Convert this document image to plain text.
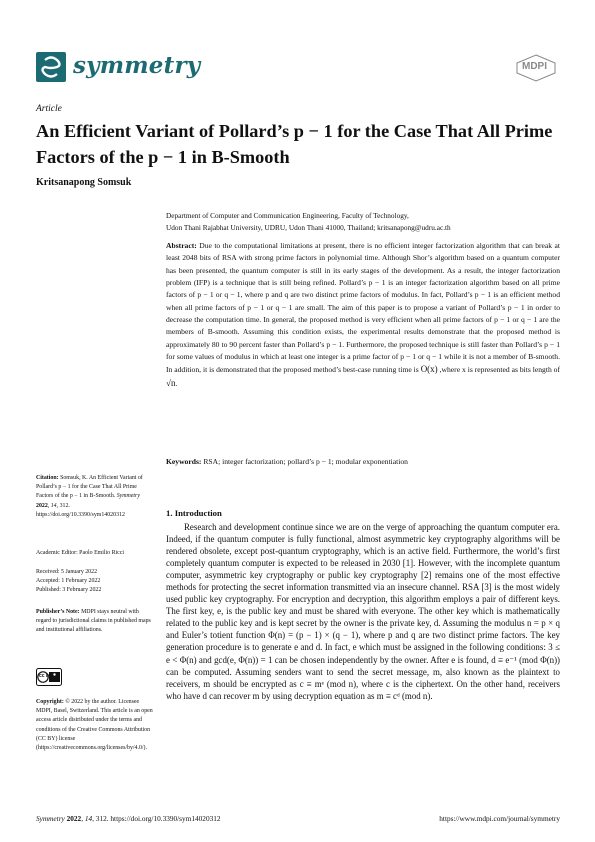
symmetry	MDPI
Article
An Efficient Variant of Pollard’s p − 1 for the Case That All Prime Factors of the p − 1 in B-Smooth
Kritsanapong Somsuk
Department of Computer and Communication Engineering, Faculty of Technology,
Udon Thani Rajabhat University, UDRU, Udon Thani 41000, Thailand; kritsanapong@udru.ac.th
Abstract: Due to the computational limitations at present, there is no efficient integer factorization algorithm that can break at least 2048 bits of RSA with strong prime factors in polynomial time. Although Shor’s algorithm based on a quantum computer has been presented, the quantum computer is still in its early stages of the development. As a result, the integer factorization problem (IFP) is a technique that is still being refined. Pollard’s p − 1 is an integer factorization algorithm based on all prime factors of p − 1 or q − 1, where p and q are two distinct prime factors of modulus. In fact, Pollard’s p − 1 is an efficient method when all prime factors of p − 1 or q − 1 are small. The aim of this paper is to propose a variant of Pollard’s p − 1 in order to decrease the computation time. In general, the proposed method is very efficient when all prime factors of p − 1 or q − 1 are the members of B-smooth. Assuming this condition exists, the experimental results demonstrate that the proposed method is approximately 80 to 90 percent faster than Pollard’s p − 1. Furthermore, the proposed technique is still faster than Pollard’s p − 1 for some values of modulus in which at least one integer is a prime factor of p − 1 or q − 1 while it is not a member of B-smooth. In addition, it is demonstrated that the proposed method’s best-case running time is O(x) ,where x is represented as bits length of √n.
Keywords: RSA; integer factorization; pollard’s p − 1; modular exponentiation
Citation: Somsuk, K. An Efficient Variant of Pollard’s p − 1 for the Case That All Prime Factors of the p − 1 in B-Smooth. Symmetry 2022, 14, 312. https://doi.org/10.3390/sym14020312
Academic Editor: Paolo Emilio Ricci
Received: 5 January 2022
Accepted: 1 February 2022
Published: 3 February 2022
Publisher’s Note: MDPI stays neutral with regard to jurisdictional claims in published maps and institutional affiliations.
cc by
Copyright: © 2022 by the author. Licensee MDPI, Basel, Switzerland. This article is an open access article distributed under the terms and conditions of the Creative Commons Attribution (CC BY) license (https://creativecommons.org/licenses/by/4.0/).
1. Introduction

Research and development continue since we are on the verge of approaching the quantum computer era. Indeed, if the quantum computer is fully functional, almost asymmetric key cryptography algorithms will be rendered obsolete, except post-quantum cryptography, which is an active field. Furthermore, the world’s first completely quantum computer is expected to be released in 2030 [1]. However, with the incomplete quantum computer, asymmetric key cryptography or public key cryptography [2] remains one of the most effective methods for protecting the secret information transmitted via an insecure channel. RSA [3] is the most widely used public key cryptography. For encryption and decryption, this algorithm employs a pair of different keys. The first key, e, is the public key and must be shared with everyone. The other key which is mathematically related to the public key and is kept secret by the owner is the private key, d. Assuming the modulus n = p × q and Euler’s totient function Φ(n) = (p − 1) × (q − 1), where p and q are two distinct prime factors. The key generation procedure is to generate e and d. In fact, e which must be assigned in the following conditions: 3 ≤ e < Φ(n) and gcd(e, Φ(n)) = 1 can be chosen independently by the owner. After e is found, d ≡ e⁻¹ (mod Φ(n)) can be computed. Assuming senders want to send the secret message, m, also known as the plaintext to receivers, m should be encrypted as c ≡ mᵉ (mod n), where c is the ciphertext. On the other hand, receivers who have d can recover m by using decryption equation as m ≡ cᵈ (mod n).

Symmetry 2022, 14, 312. https://doi.org/10.3390/sym14020312	https://www.mdpi.com/journal/symmetry
